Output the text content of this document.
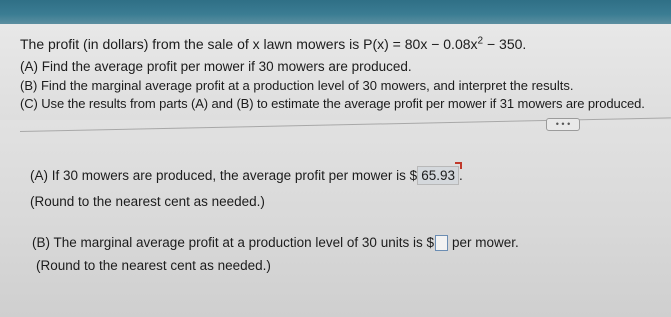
The profit (in dollars) from the sale of x lawn mowers is $P(x) = 80x - 0.08x^2 - 350$.
(A) Find the average profit per mower if 30 mowers are produced.
(B) Find the marginal average profit at a production level of 30 mowers, and interpret the results.
(C) Use the results from parts (A) and (B) to estimate the average profit per mower if 31 mowers are produced.
• • •
(A) If 30 mowers are produced, the average profit per mower is $ 65.93 .
(Round to the nearest cent as needed.)
(B) The marginal average profit at a production level of 30 units is $ per mower.
(Round to the nearest cent as needed.)
